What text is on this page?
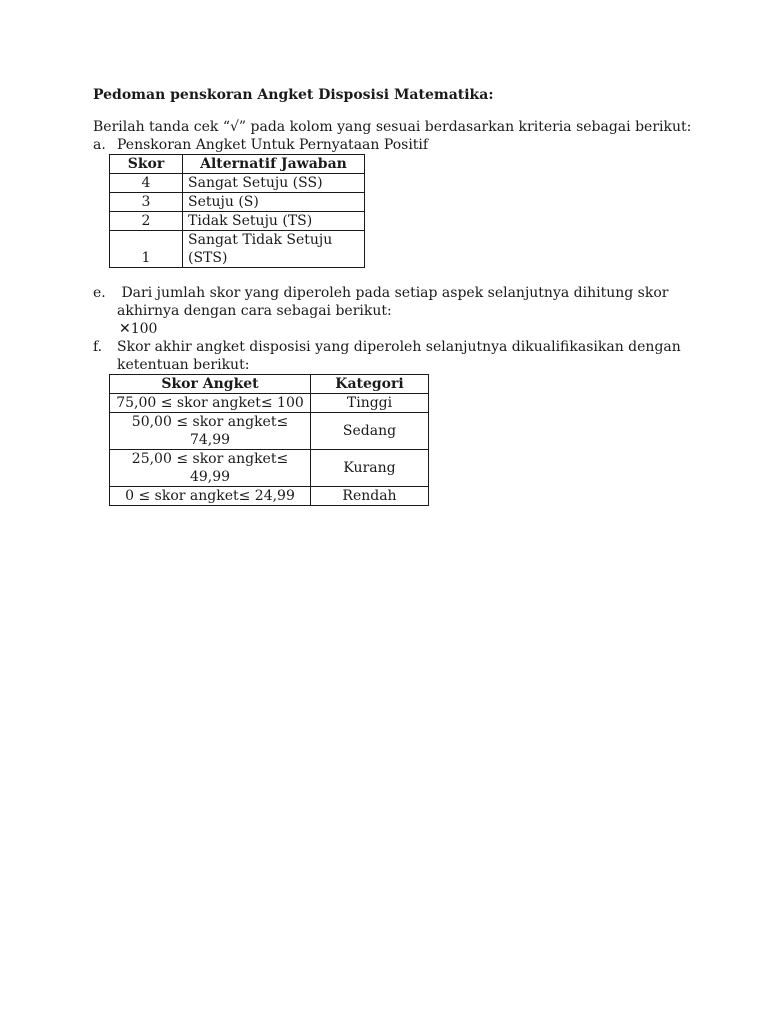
Pedoman penskoran Angket Disposisi Matematika:

Berilah tanda cek “√” pada kolom yang sesuai berdasarkan kriteria sebagai berikut:

a. Penskoran Angket Untuk Pernyataan Positif
Skor	Alternatif Jawaban
4	Sangat Setuju (SS)
3	Setuju (S)
2	Tidak Setuju (TS)
1	Sangat Tidak Setuju
(STS)
e. Dari jumlah skor yang diperoleh pada setiap aspek selanjutnya dihitung skor

akhirnya dengan cara sebagai berikut:

✕100

f.	Skor akhir angket disposisi yang diperoleh selanjutnya dikualifikasikan dengan

ketentuan berikut:

Skor Angket	Kategori
75,00 ≤ skor angket≤ 100	Tinggi
50,00 ≤ skor angket≤ 74,99	Sedang
25,00 ≤ skor angket≤ 49,99	Kurang
0 ≤ skor angket≤ 24,99	Rendah
